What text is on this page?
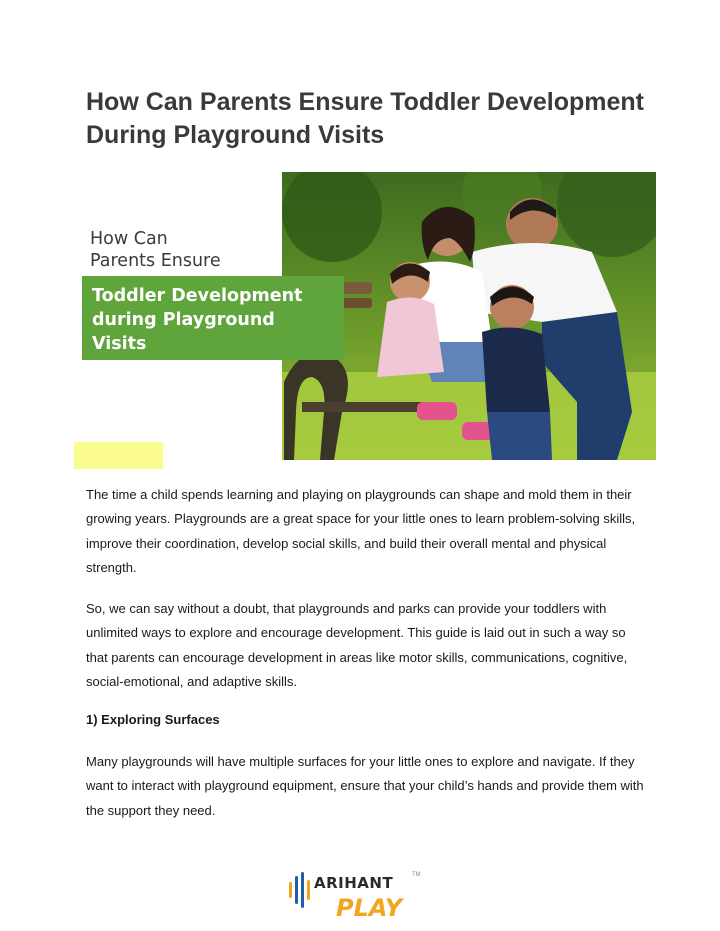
How Can Parents Ensure Toddler Development During Playground Visits
How Can
Parents Ensure
Toddler Development
during Playground
Visits

The time a child spends learning and playing on playgrounds can shape and mold them in their growing years. Playgrounds are a great space for your little ones to learn problem-solving skills, improve their coordination, develop social skills, and build their overall mental and physical strength.

So, we can say without a doubt, that playgrounds and parks can provide your toddlers with unlimited ways to explore and encourage development. This guide is laid out in such a way so that parents can encourage development in areas like motor skills, communications, cognitive, social-emotional, and adaptive skills.

1) Exploring Surfaces

Many playgrounds will have multiple surfaces for your little ones to explore and navigate. If they want to interact with playground equipment, ensure that your child’s hands and provide them with the support they need.

ARIHANT	TM
PLAY
